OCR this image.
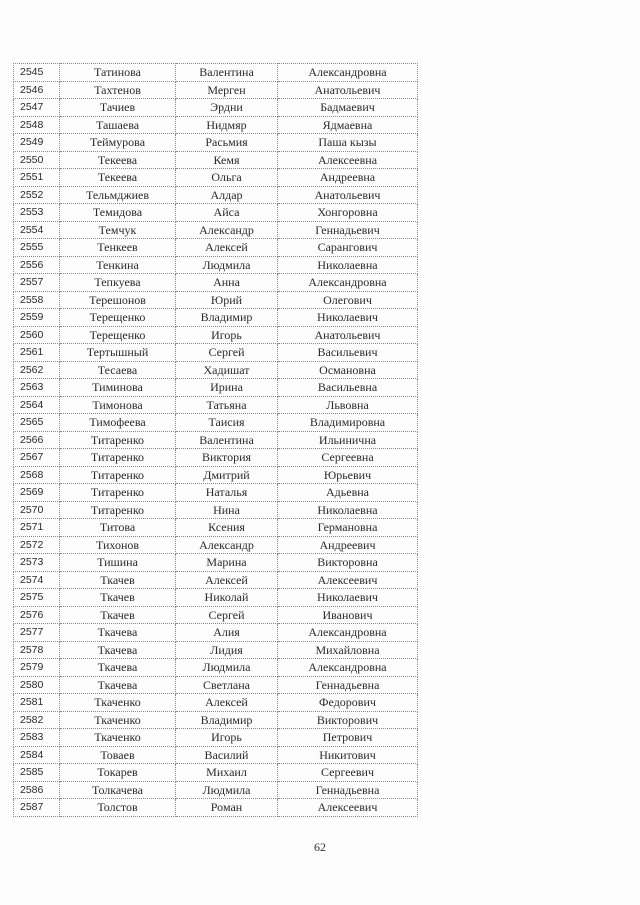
2545	Татинова	Валентина	Александровна
2546	Тахтенов	Мерген	Анатольевич
2547	Тачиев	Эрдни	Бадмаевич
2548	Ташаева	Нидмяр	Ядмаевна
2549	Теймурова	Расьмия	Паша кызы
2550	Текеева	Кемя	Алексеевна
2551	Текеева	Ольга	Андреевна
2552	Тельмджиев	Алдар	Анатольевич
2553	Темидова	Айса	Хонгоровна
2554	Темчук	Александр	Геннадьевич
2555	Тенкеев	Алексей	Сарангович
2556	Тенкина	Людмила	Николаевна
2557	Тепкуева	Анна	Александровна
2558	Терешонов	Юрий	Олегович
2559	Терещенко	Владимир	Николаевич
2560	Терещенко	Игорь	Анатольевич
2561	Тертышный	Сергей	Васильевич
2562	Тесаева	Хадишат	Османовна
2563	Тиминова	Ирина	Васильевна
2564	Тимонова	Татьяна	Львовна
2565	Тимофеева	Таисия	Владимировна
2566	Титаренко	Валентина	Ильинична
2567	Титаренко	Виктория	Сергеевна
2568	Титаренко	Дмитрий	Юрьевич
2569	Титаренко	Наталья	Адьевна
2570	Титаренко	Нина	Николаевна
2571	Титова	Ксения	Германовна
2572	Тихонов	Александр	Андреевич
2573	Тишина	Марина	Викторовна
2574	Ткачев	Алексей	Алексеевич
2575	Ткачев	Николай	Николаевич
2576	Ткачев	Сергей	Иванович
2577	Ткачева	Алия	Александровна
2578	Ткачева	Лидия	Михайловна
2579	Ткачева	Людмила	Александровна
2580	Ткачева	Светлана	Геннадьевна
2581	Ткаченко	Алексей	Федорович
2582	Ткаченко	Владимир	Викторович
2583	Ткаченко	Игорь	Петрович
2584	Товаев	Василий	Никитович
2585	Токарев	Михаил	Сергеевич
2586	Толкачева	Людмила	Геннадьевна
2587	Толстов	Роман	Алексеевич
62
